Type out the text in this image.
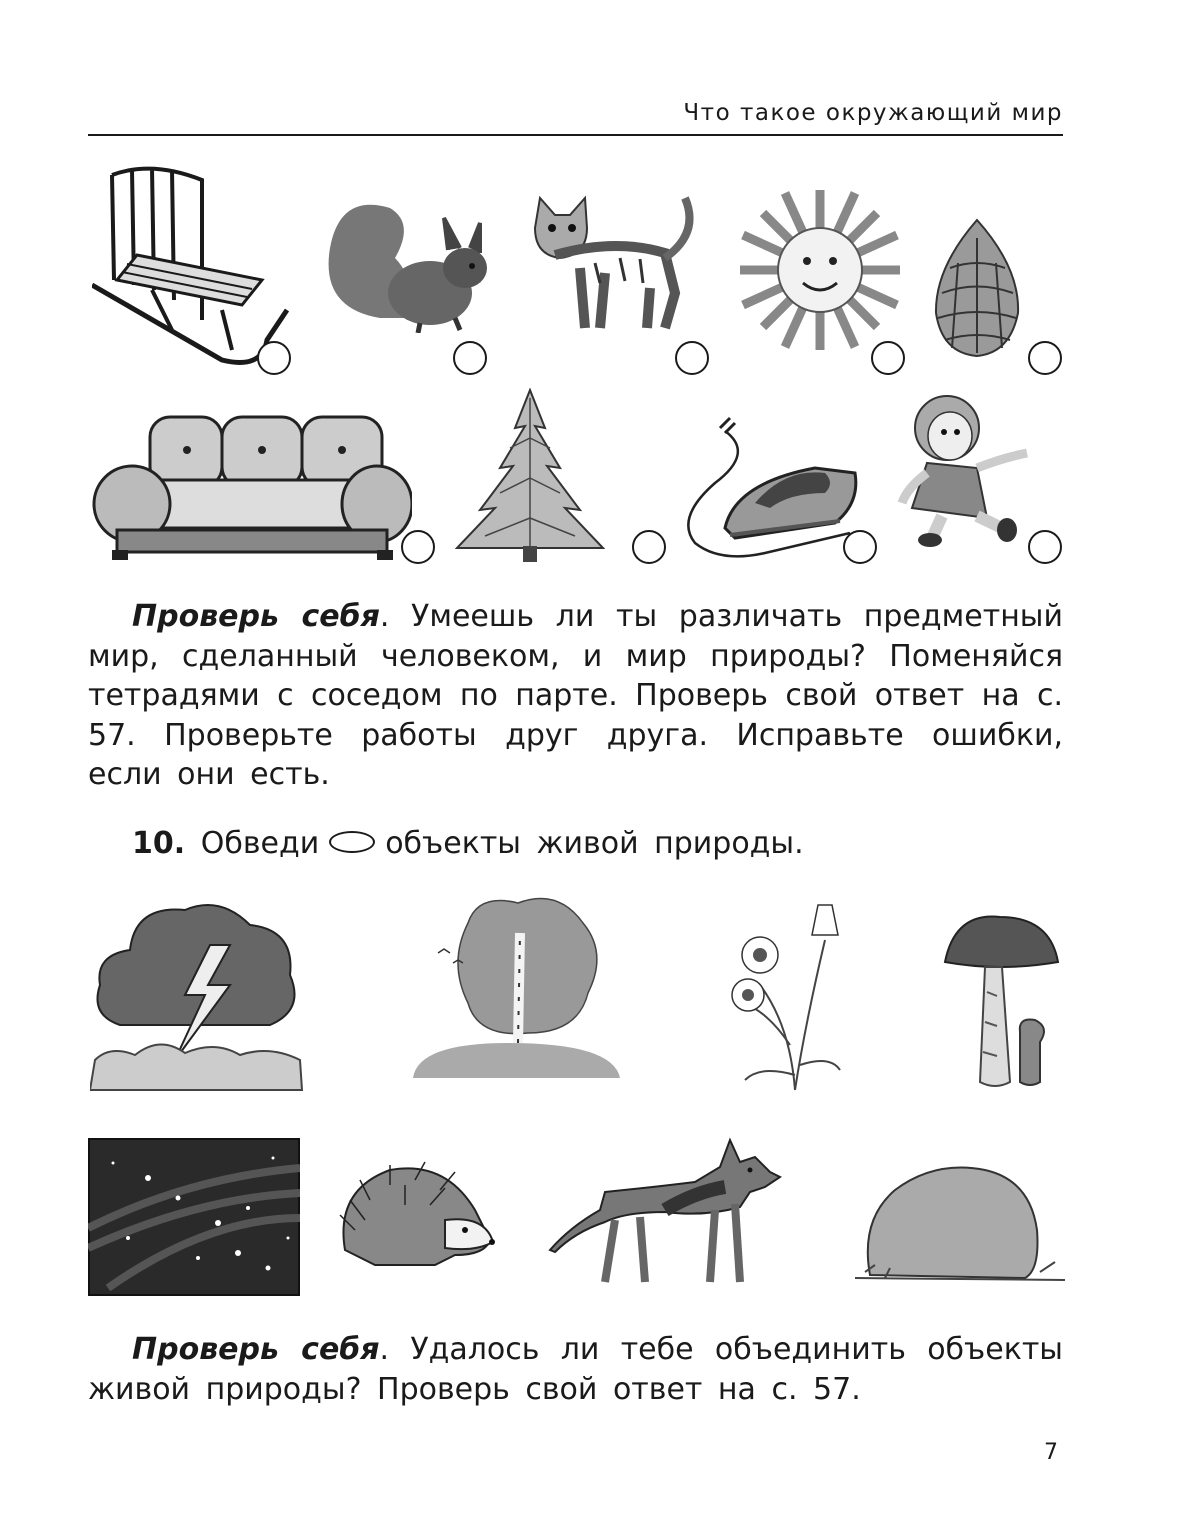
Что такое окружающий мир
Проверь себя. Умеешь ли ты различать предметный мир, сделанный человеком, и мир природы? Поменяйся тетрадями с соседом по парте. Проверь свой ответ на с. 57. Проверьте работы друг друга. Исправьте ошибки, если они есть.
10. Обведи объекты живой природы.
Проверь себя. Удалось ли тебе объединить объекты живой природы? Проверь свой ответ на с. 57.
7
